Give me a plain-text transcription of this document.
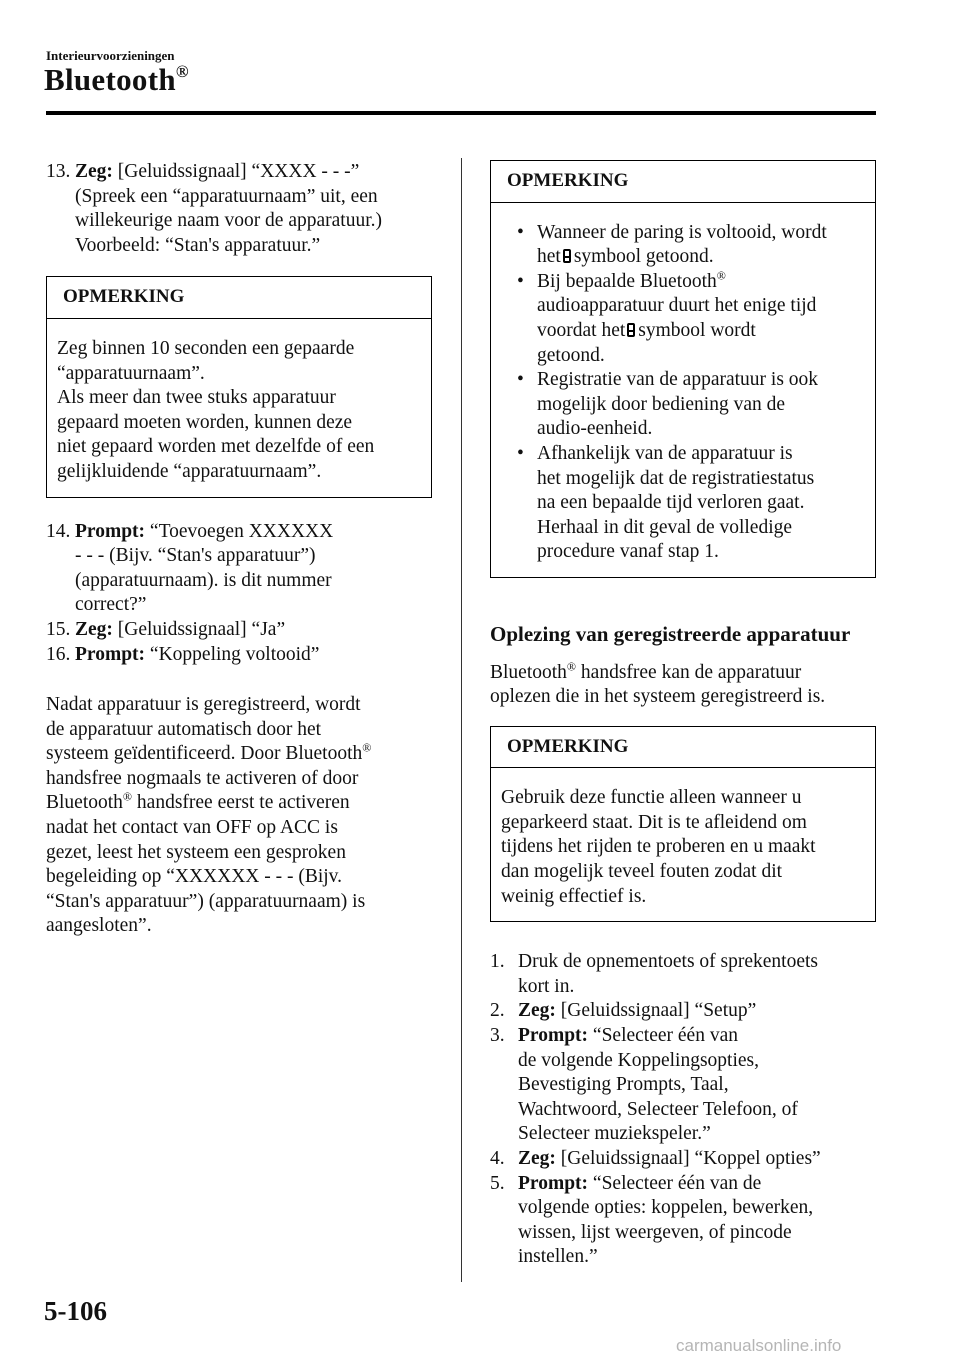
Interieurvoorzieningen
Bluetooth®
13. Zeg: [Geluidssignaal] “XXXX - - -”
(Spreek een “apparatuurnaam” uit, een
willekeurige naam voor de apparatuur.)
Voorbeeld: “Stan's apparatuur.”
OPMERKING
Zeg binnen 10 seconden een gepaarde
“apparatuurnaam”.
Als meer dan twee stuks apparatuur
gepaard moeten worden, kunnen deze
niet gepaard worden met dezelfde of een
gelijkluidende “apparatuurnaam”.
14. Prompt: “Toevoegen XXXXXX
- - - (Bijv. “Stan's apparatuur”)
(apparatuurnaam). is dit nummer
correct?”
15. Zeg: [Geluidssignaal] “Ja”
16. Prompt: “Koppeling voltooid”
Nadat apparatuur is geregistreerd, wordt
de apparatuur automatisch door het
systeem geïdentificeerd. Door Bluetooth®
handsfree nogmaals te activeren of door
Bluetooth® handsfree eerst te activeren
nadat het contact van OFF op ACC is
gezet, leest het systeem een gesproken
begeleiding op “XXXXXX - - - (Bijv.
“Stan's apparatuur”) (apparatuurnaam) is
aangesloten”.
OPMERKING
• Wanneer de paring is voltooid, wordt
het symbool getoond.
• Bij bepaalde Bluetooth®
audioapparatuur duurt het enige tijd
voordat het symbool wordt
getoond.
• Registratie van de apparatuur is ook
mogelijk door bediening van de
audio-eenheid.
• Afhankelijk van de apparatuur is
het mogelijk dat de registratiestatus
na een bepaalde tijd verloren gaat.
Herhaal in dit geval de volledige
procedure vanaf stap 1.
Oplezing van geregistreerde apparatuur
Bluetooth® handsfree kan de apparatuur
oplezen die in het systeem geregistreerd is.
OPMERKING
Gebruik deze functie alleen wanneer u
geparkeerd staat. Dit is te afleidend om
tijdens het rijden te proberen en u maakt
dan mogelijk teveel fouten zodat dit
weinig effectief is.
1. Druk de opnementoets of sprekentoets
kort in.
2. Zeg: [Geluidssignaal] “Setup”
3. Prompt: “Selecteer één van
de volgende Koppelingsopties,
Bevestiging Prompts, Taal,
Wachtwoord, Selecteer Telefoon, of
Selecteer muziekspeler.”
4. Zeg: [Geluidssignaal] “Koppel opties”
5. Prompt: “Selecteer één van de
volgende opties: koppelen, bewerken,
wissen, lijst weergeven, of pincode
instellen.”
5-106
carmanualsonline.info
